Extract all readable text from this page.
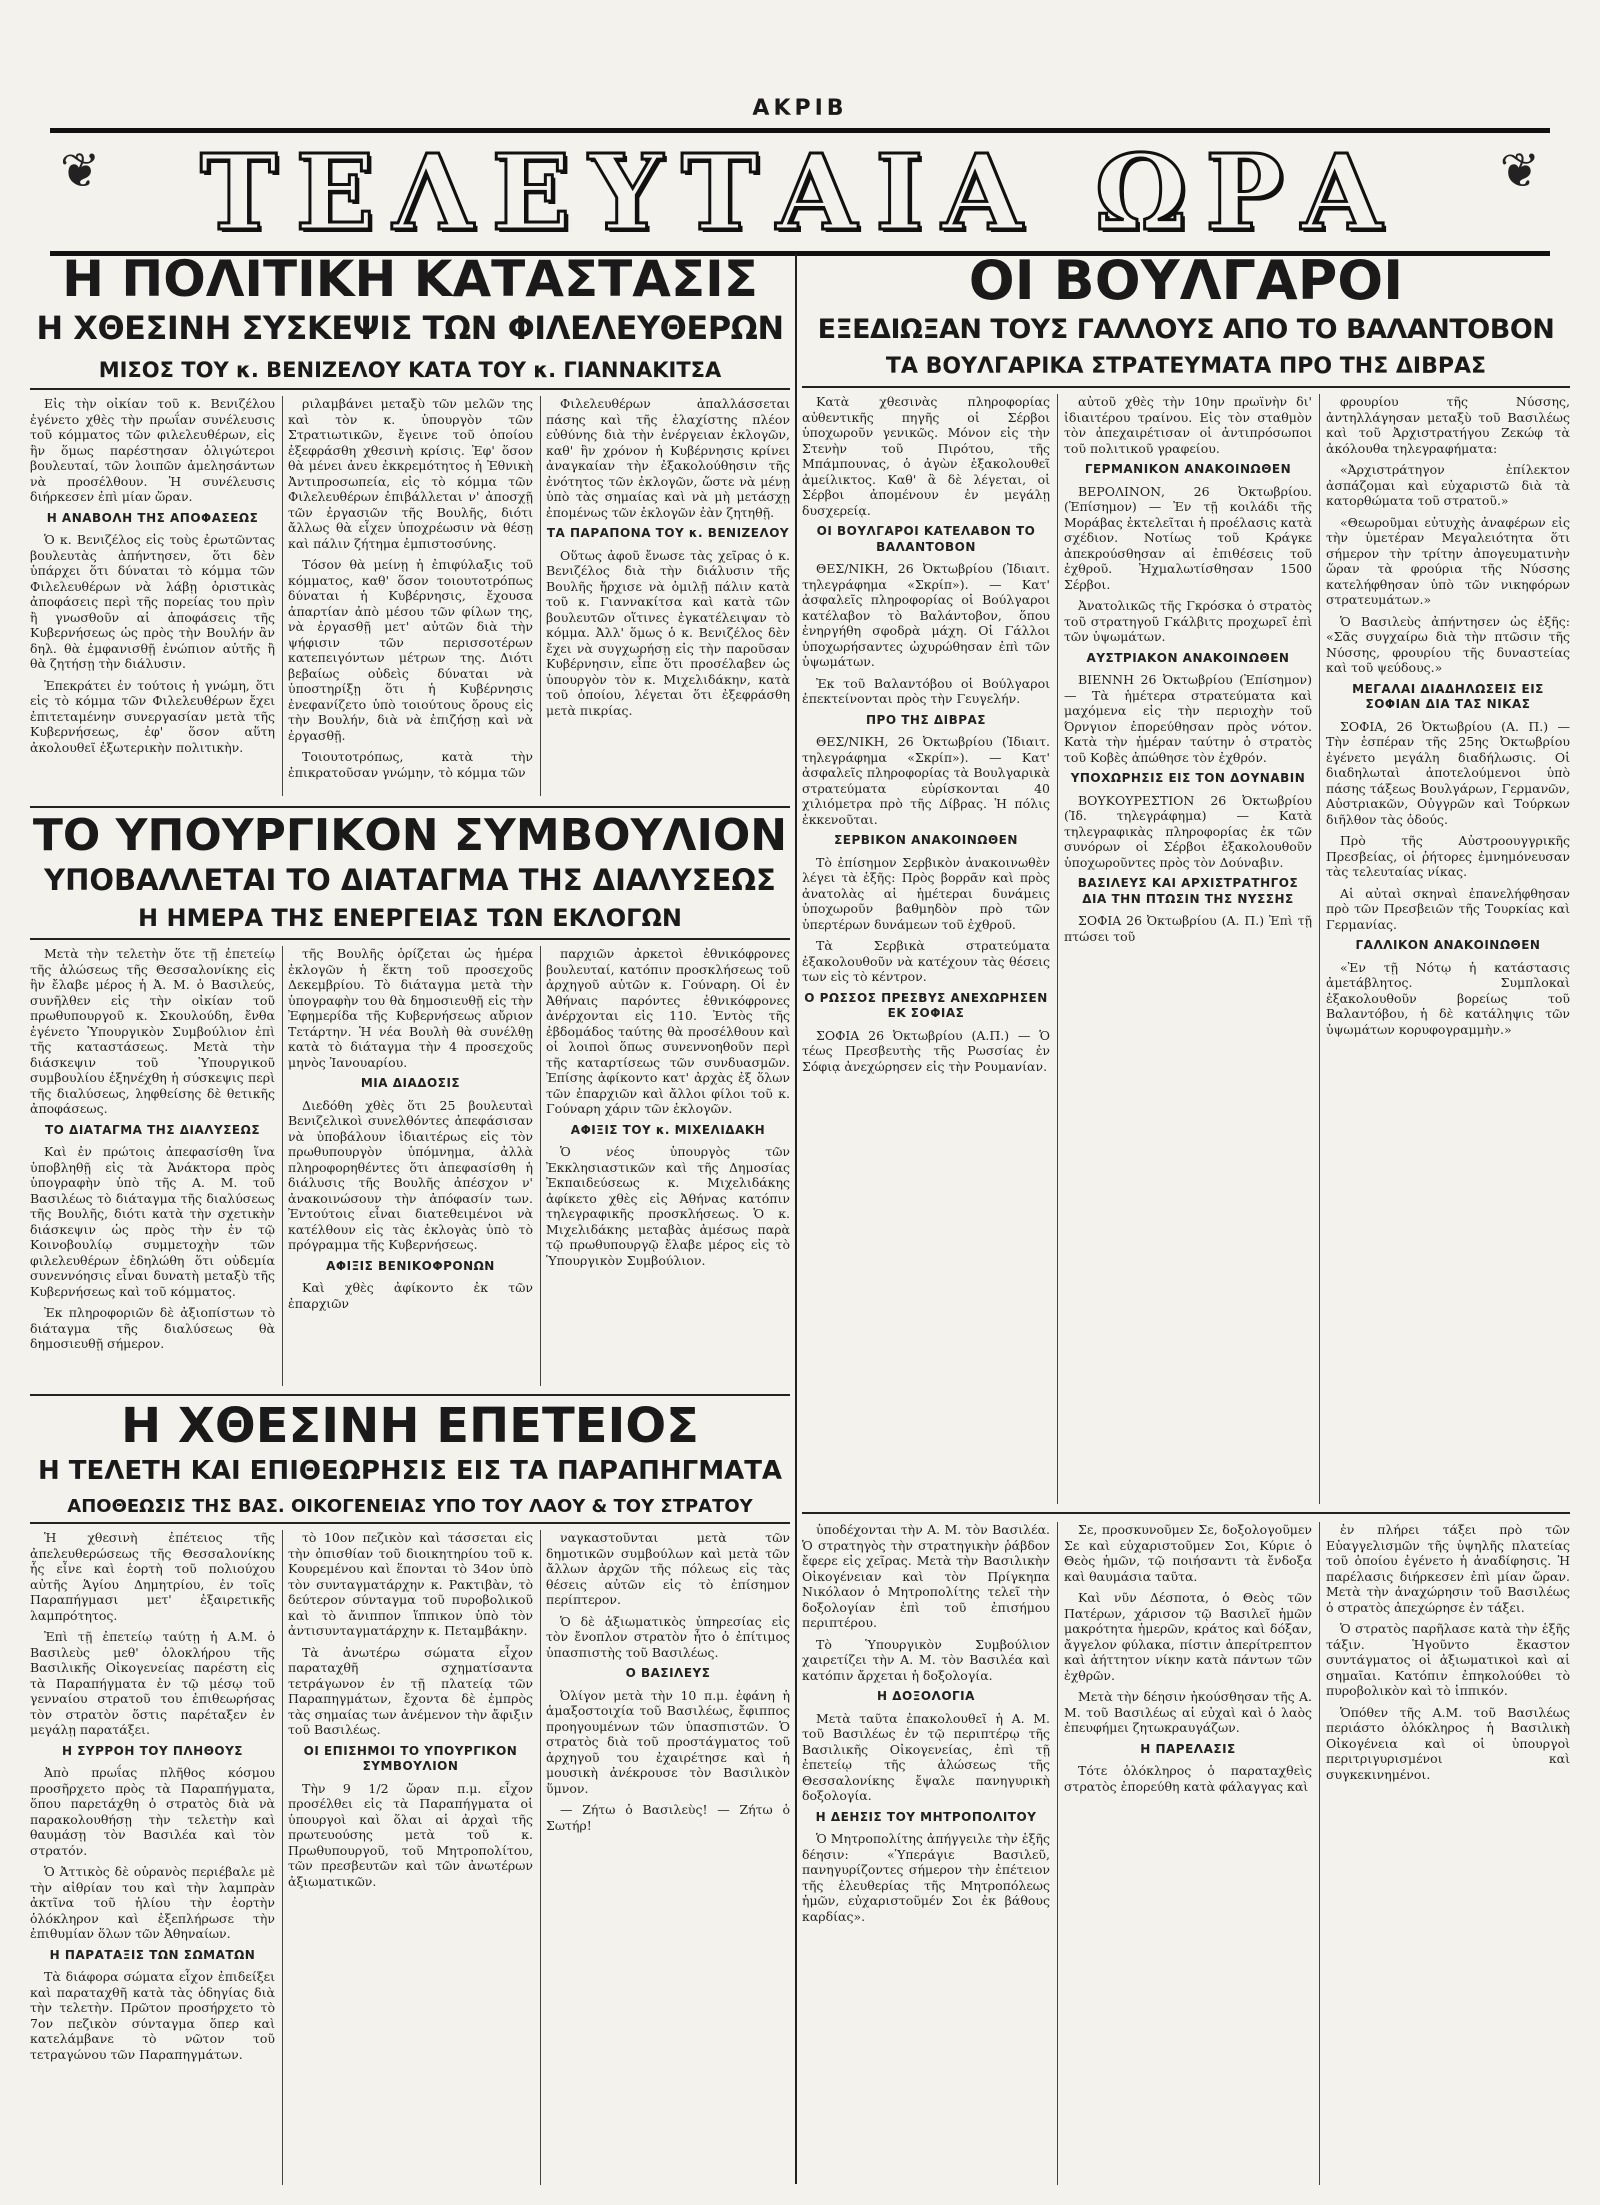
ΑΚΡΙΒ
❦ ΤΕΛΕΥΤΑΙΑ ΩΡΑ ❦
Η ΠΟΛΙΤΙΚΗ ΚΑΤΑΣΤΑΣΙΣ
Η ΧΘΕΣΙΝΗ ΣΥΣΚΕΨΙΣ ΤΩΝ ΦΙΛΕΛΕΥΘΕΡΩΝ
ΜΙΣΟΣ ΤΟΥ κ. ΒΕΝΙΖΕΛΟΥ ΚΑΤΑ ΤΟΥ κ. ΓΙΑΝΝΑΚΙΤΣΑ

Εἰς τὴν οἰκίαν τοῦ κ. Βενιζέλου ἐγένετο χθὲς τὴν πρωΐαν συνέλευσις τοῦ κόμματος τῶν φιλελευθέρων, εἰς ἣν ὅμως παρέστησαν ὀλιγώτεροι βουλευταί, τῶν λοιπῶν ἀμελησάντων νὰ προσέλθουν. Ἡ συνέλευσις διήρκεσεν ἐπὶ μίαν ὥραν.

Η ΑΝΑΒΟΛΗ ΤΗΣ ΑΠΟΦΑΣΕΩΣ

Ὁ κ. Βενιζέλος εἰς τοὺς ἐρωτῶντας βουλευτὰς ἀπήντησεν, ὅτι δὲν ὑπάρχει ὅτι δύναται τὸ κόμμα τῶν Φιλελευθέρων νὰ λάβῃ ὁριστικὰς ἀποφάσεις περὶ τῆς πορείας του πρὶν ἢ γνωσθοῦν αἱ ἀποφάσεις τῆς Κυβερνήσεως ὡς πρὸς τὴν Βουλήν ἂν δηλ. θὰ ἐμφανισθῇ ἐνώπιον αὐτῆς ἢ θὰ ζητήσῃ τὴν διάλυσιν.

Ἐπεκράτει ἐν τούτοις ἡ γνώμη, ὅτι εἰς τὸ κόμμα τῶν Φιλελευθέρων ἔχει ἐπιτεταμένην συνεργασίαν μετὰ τῆς Κυβερνήσεως, ἐφ' ὅσον αὕτη ἀκολουθεῖ ἐξωτερικὴν πολιτικὴν.

ριλαμβάνει μεταξὺ τῶν μελῶν της καὶ τὸν κ. ὑπουργὸν τῶν Στρατιωτικῶν, ἔγεινε τοῦ ὁποίου ἐξεφράσθη χθεσινὴ κρίσις. Ἐφ' ὅσον θὰ μένει ἀνευ ἐκκρεμότητος ἡ Ἐθνικὴ Ἀντιπροσωπεία, εἰς τὸ κόμμα τῶν Φιλελευθέρων ἐπιβάλλεται ν' ἀποσχῇ τῶν ἐργασιῶν τῆς Βουλῆς, διότι ἄλλως θὰ εἶχεν ὑποχρέωσιν νὰ θέσῃ καὶ πάλιν ζήτημα ἐμπιστοσύνης.

Τόσον θὰ μείνῃ ἡ ἐπιφύλαξις τοῦ κόμματος, καθ' ὅσον τοιουτοτρόπως δύναται ἡ Κυβέρνησις, ἔχουσα ἀπαρτίαν ἀπὸ μέσου τῶν φίλων της, νὰ ἐργασθῇ μετ' αὐτῶν διὰ τὴν ψήφισιν τῶν περισσοτέρων κατεπειγόντων μέτρων της. Διότι βεβαίως οὐδεὶς δύναται νὰ ὑποστηρίξῃ ὅτι ἡ Κυβέρνησις ἐνεφανίζετο ὑπὸ τοιούτους ὅρους εἰς τὴν Βουλήν, διὰ νὰ ἐπιζήσῃ καὶ νὰ ἐργασθῇ.

Τοιουτοτρόπως, κατὰ τὴν ἐπικρατοῦσαν γνώμην, τὸ κόμμα τῶν

Φιλελευθέρων ἀπαλλάσσεται πάσης καὶ τῆς ἐλαχίστης πλέον εὐθύνης διὰ τὴν ἐνέργειαν ἐκλογῶν, καθ' ἣν χρόνον ἡ Κυβέρνησις κρίνει ἀναγκαίαν τὴν ἐξακολούθησιν τῆς ἐνότητος τῶν ἐκλογῶν, ὥστε νὰ μένῃ ὑπὸ τὰς σημαίας καὶ νὰ μὴ μετάσχῃ ἐπομένως τῶν ἐκλογῶν ἐὰν ζητηθῇ.

ΤΑ ΠΑΡΑΠΟΝΑ ΤΟΥ κ. ΒΕΝΙΖΕΛΟΥ

Οὕτως ἀφοῦ ἔνωσε τὰς χεῖρας ὁ κ. Βενιζέλος διὰ τὴν διάλυσιν τῆς Βουλῆς ἤρχισε νὰ ὁμιλῇ πάλιν κατὰ τοῦ κ. Γιαννακίτσα καὶ κατὰ τῶν βουλευτῶν οἵτινες ἐγκατέλειψαν τὸ κόμμα. Ἀλλ' ὅμως ὁ κ. Βενιζέλος δὲν ἔχει νὰ συγχωρήσῃ εἰς τὴν παροῦσαν Κυβέρνησιν, εἶπε ὅτι προσέλαβεν ὡς ὑπουργὸν τὸν κ. Μιχελιδάκην, κατὰ τοῦ ὁποίου, λέγεται ὅτι ἐξεφράσθη μετὰ πικρίας.

ΤΟ ΥΠΟΥΡΓΙΚΟΝ ΣΥΜΒΟΥΛΙΟΝ
ΥΠΟΒΑΛΛΕΤΑΙ ΤΟ ΔΙΑΤΑΓΜΑ ΤΗΣ ΔΙΑΛΥΣΕΩΣ
Η ΗΜΕΡΑ ΤΗΣ ΕΝΕΡΓΕΙΑΣ ΤΩΝ ΕΚΛΟΓΩΝ

Μετὰ τὴν τελετὴν ὅτε τῇ ἐπετείῳ τῆς ἁλώσεως τῆς Θεσσαλονίκης εἰς ἣν ἔλαβε μέρος ἡ Ἀ. Μ. ὁ Βασιλεύς, συνῆλθεν εἰς τὴν οἰκίαν τοῦ πρωθυπουργοῦ κ. Σκουλούδη, ἔνθα ἐγένετο Ὑπουργικὸν Συμβούλιον ἐπὶ τῆς καταστάσεως. Μετὰ τὴν διάσκεψιν τοῦ Ὑπουργικοῦ συμβουλίου ἐξηνέχθη ἡ σύσκεψις περὶ τῆς διαλύσεως, ληφθείσης δὲ θετικῆς ἀποφάσεως.

ΤΟ ΔΙΑΤΑΓΜΑ ΤΗΣ ΔΙΑΛΥΣΕΩΣ

Καὶ ἐν πρώτοις ἀπεφασίσθη ἵνα ὑποβληθῇ εἰς τὰ Ἀνάκτορα πρὸς ὑπογραφὴν ὑπὸ τῆς Α. Μ. τοῦ Βασιλέως τὸ διάταγμα τῆς διαλύσεως τῆς Βουλῆς, διότι κατὰ τὴν σχετικὴν διάσκεψιν ὡς πρὸς τὴν ἐν τῷ Κοινοβουλίῳ συμμετοχὴν τῶν φιλελευθέρων ἐδηλώθη ὅτι οὐδεμία συνεννόησις εἶναι δυνατὴ μεταξὺ τῆς Κυβερνήσεως καὶ τοῦ κόμματος.

Ἐκ πληροφοριῶν δὲ ἀξιοπίστων τὸ διάταγμα τῆς διαλύσεως θὰ δημοσιευθῇ σήμερον.

τῆς Βουλῆς ὁρίζεται ὡς ἡμέρα ἐκλογῶν ἡ ἕκτη τοῦ προσεχοῦς Δεκεμβρίου. Τὸ διάταγμα μετὰ τὴν ὑπογραφὴν του θὰ δημοσιευθῇ εἰς τὴν Ἐφημερίδα τῆς Κυβερνήσεως αὔριον Τετάρτην. Ἡ νέα Βουλὴ θὰ συνέλθῃ κατὰ τὸ διάταγμα τὴν 4 προσεχοῦς μηνὸς Ἰανουαρίου.

ΜΙΑ ΔΙΑΔΟΣΙΣ

Διεδόθη χθὲς ὅτι 25 βουλευταὶ Βενιζελικοὶ συνελθόντες ἀπεφάσισαν νὰ ὑποβάλουν ἰδιαιτέρως εἰς τὸν πρωθυπουργὸν ὑπόμνημα, ἀλλὰ πληροφορηθέντες ὅτι ἀπεφασίσθη ἡ διάλυσις τῆς Βουλῆς ἀπέσχον ν' ἀνακοινώσουν τὴν ἀπόφασίν των. Ἐντούτοις εἶναι διατεθειμένοι νὰ κατέλθουν εἰς τὰς ἐκλογὰς ὑπὸ τὸ πρόγραμμα τῆς Κυβερνήσεως.

ΑΦΙΞΙΣ ΒΕΝΙΚΟΦΡΟΝΩΝ

Καὶ χθὲς ἀφίκοντο ἐκ τῶν ἐπαρχιῶν

παρχιῶν ἀρκετοὶ ἐθνικόφρονες βουλευταί, κατόπιν προσκλήσεως τοῦ ἀρχηγοῦ αὐτῶν κ. Γούναρη. Οἱ ἐν Ἀθήναις παρόντες ἐθνικόφρονες ἀνέρχονται εἰς 110. Ἐντὸς τῆς ἑβδομάδος ταύτης θὰ προσέλθουν καὶ οἱ λοιποὶ ὅπως συνεννοηθοῦν περὶ τῆς καταρτίσεως τῶν συνδυασμῶν. Ἐπίσης ἀφίκοντο κατ' ἀρχὰς ἐξ ὅλων τῶν ἐπαρχιῶν καὶ ἄλλοι φίλοι τοῦ κ. Γούναρη χάριν τῶν ἐκλογῶν.

ΑΦΙΞΙΣ ΤΟΥ κ. ΜΙΧΕΛΙΔΑΚΗ

Ὁ νέος ὑπουργὸς τῶν Ἐκκλησιαστικῶν καὶ τῆς Δημοσίας Ἐκπαιδεύσεως κ. Μιχελιδάκης ἀφίκετο χθὲς εἰς Ἀθήνας κατόπιν τηλεγραφικῆς προσκλήσεως. Ὁ κ. Μιχελιδάκης μεταβὰς ἀμέσως παρὰ τῷ πρωθυπουργῷ ἔλαβε μέρος εἰς τὸ Ὑπουργικὸν Συμβούλιον.

Η ΧΘΕΣΙΝΗ ΕΠΕΤΕΙΟΣ
Η ΤΕΛΕΤΗ ΚΑΙ ΕΠΙΘΕΩΡΗΣΙΣ ΕΙΣ ΤΑ ΠΑΡΑΠΗΓΜΑΤΑ
ΑΠΟΘΕΩΣΙΣ ΤΗΣ ΒΑΣ. ΟΙΚΟΓΕΝΕΙΑΣ ΥΠΟ ΤΟΥ ΛΑΟΥ & ΤΟΥ ΣΤΡΑΤΟΥ

Ἡ χθεσινὴ ἐπέτειος τῆς ἀπελευθερώσεως τῆς Θεσσαλονίκης ἧς εἶνε καὶ ἑορτὴ τοῦ πολιούχου αὐτῆς Ἁγίου Δημητρίου, ἐν τοῖς Παραπήγμασι μετ' ἐξαιρετικῆς λαμπρότητος.

Ἐπὶ τῇ ἐπετείῳ ταύτῃ ἡ Α.Μ. ὁ Βασιλεὺς μεθ' ὁλοκλήρου τῆς Βασιλικῆς Οἰκογενείας παρέστη εἰς τὰ Παραπήγματα ἐν τῷ μέσῳ τοῦ γενναίου στρατοῦ του ἐπιθεωρήσας τὸν στρατὸν ὅστις παρέταξεν ἐν μεγάλῃ παρατάξει.

Η ΣΥΡΡΟΗ ΤΟΥ ΠΛΗΘΟΥΣ

Ἀπὸ πρωΐας πλῆθος κόσμου προσῆρχετο πρὸς τὰ Παραπήγματα, ὅπου παρετάχθη ὁ στρατὸς διὰ νὰ παρακολουθήσῃ τὴν τελετὴν καὶ θαυμάσῃ τὸν Βασιλέα καὶ τὸν στρατόν.

Ὁ Ἀττικὸς δὲ οὐρανὸς περιέβαλε μὲ τὴν αἰθρίαν του καὶ τὴν λαμπρὰν ἀκτῖνα τοῦ ἡλίου τὴν ἐορτὴν ὁλόκληρον καὶ ἐξεπλήρωσε τὴν ἐπιθυμίαν ὅλων τῶν Ἀθηναίων.

Η ΠΑΡΑΤΑΞΙΣ ΤΩΝ ΣΩΜΑΤΩΝ

Τὰ διάφορα σώματα εἶχον ἐπιδείξει καὶ παραταχθῆ κατὰ τὰς ὁδηγίας διὰ τὴν τελετὴν. Πρῶτον προσήρχετο τὸ 7ον πεζικὸν σύνταγμα ὅπερ καὶ κατελάμβανε τὸ νῶτον τοῦ τετραγώνου τῶν Παραπηγμάτων.

τὸ 10ον πεζικὸν καὶ τάσσεται εἰς τὴν ὀπισθίαν τοῦ διοικητηρίου τοῦ κ. Κουρεμένου καὶ ἕπονται τὸ 34ον ὑπὸ τὸν συνταγματάρχην κ. Ρακτιβὰν, τὸ δεύτερον σύνταγμα τοῦ πυροβολικοῦ καὶ τὸ ἄνιππον ἵππικον ὑπὸ τὸν ἀντισυνταγματάρχην κ. Πεταμβάκην.

Τὰ ἀνωτέρω σώματα εἶχον παραταχθῆ σχηματίσαντα τετράγωνον ἐν τῇ πλατείᾳ τῶν Παραπηγμάτων, ἔχοντα δὲ ἐμπρὸς τὰς σημαίας των ἀνέμενον τὴν ἄφιξιν τοῦ Βασιλέως.

ΟΙ ΕΠΙΣΗΜΟΙ ΤΟ ΥΠΟΥΡΓΙΚΟΝ ΣΥΜΒΟΥΛΙΟΝ

Τὴν 9 1/2 ὥραν π.μ. εἶχον προσέλθει εἰς τὰ Παραπήγματα οἱ ὑπουργοὶ καὶ ὅλαι αἱ ἀρχαὶ τῆς πρωτευούσης μετὰ τοῦ κ. Πρωθυπουργοῦ, τοῦ Μητροπολίτου, τῶν πρεσβευτῶν καὶ τῶν ἀνωτέρων ἀξιωματικῶν.

ναγκαστοῦνται μετὰ τῶν δημοτικῶν συμβούλων καὶ μετὰ τῶν ἄλλων ἀρχῶν τῆς πόλεως εἰς τὰς θέσεις αὐτῶν εἰς τὸ ἐπίσημον περίπτερον.

Ὁ δὲ ἀξιωματικὸς ὑπηρεσίας εἰς τὸν ἔνοπλον στρατὸν ἦτο ὁ ἐπίτιμος ὑπασπιστὴς τοῦ Βασιλέως.

Ο ΒΑΣΙΛΕΥΣ

Ὀλίγον μετὰ τὴν 10 π.μ. ἐφάνη ἡ ἁμαξοστοιχία τοῦ Βασιλέως, ἔφιππος προηγουμένων τῶν ὑπασπιστῶν. Ὁ στρατὸς διὰ τοῦ προστάγματος τοῦ ἀρχηγοῦ του ἐχαιρέτησε καὶ ἡ μουσικὴ ἀνέκρουσε τὸν Βασιλικὸν ὕμνον.

— Ζήτω ὁ Βασιλεὺς! — Ζήτω ὁ Σωτήρ!

ὑποδέχονται τὴν Α. Μ. τὸν Βασιλέα. Ὁ στρατηγὸς τὴν στρατηγικὴν ῥάβδον ἔφερε εἰς χεῖρας. Μετὰ τὴν Βασιλικὴν Οἰκογένειαν καὶ τὸν Πρίγκηπα Νικόλαον ὁ Μητροπολίτης τελεῖ τὴν δοξολογίαν ἐπὶ τοῦ ἐπισήμου περιπτέρου.

Τὸ Ὑπουργικὸν Συμβούλιον χαιρετίζει τὴν Α. Μ. τὸν Βασιλέα καὶ κατόπιν ἄρχεται ἡ δοξολογία.

Η ΔΟΞΟΛΟΓΙΑ

Μετὰ ταῦτα ἐπακολουθεῖ ἡ Α. Μ. τοῦ Βασιλέως ἐν τῷ περιπτέρῳ τῆς Βασιλικῆς Οἰκογενείας, ἐπὶ τῇ ἐπετείῳ τῆς ἁλώσεως τῆς Θεσσαλονίκης ἔψαλε πανηγυρικὴ δοξολογία.

Η ΔΕΗΣΙΣ ΤΟΥ ΜΗΤΡΟΠΟΛΙΤΟΥ

Ὁ Μητροπολίτης ἀπήγγειλε τὴν ἑξῆς δέησιν: «Ὑπεράγιε Βασιλεῦ, πανηγυρίζοντες σήμερον τὴν ἐπέτειον τῆς ἐλευθερίας τῆς Μητροπόλεως ἡμῶν, εὐχαριστοῦμέν Σοι ἐκ βάθους καρδίας».

Σε, προσκυνοῦμεν Σε, δοξολογοῦμεν Σε καὶ εὐχαριστοῦμεν Σοι, Κύριε ὁ Θεὸς ἡμῶν, τῷ ποιήσαντι τὰ ἔνδοξα καὶ θαυμάσια ταῦτα.

Καὶ νῦν Δέσποτα, ὁ Θεὸς τῶν Πατέρων, χάρισον τῷ Βασιλεῖ ἡμῶν μακρότητα ἡμερῶν, κράτος καὶ δόξαν, ἄγγελον φύλακα, πίστιν ἀπερίτρεπτον καὶ ἀήττητον νίκην κατὰ πάντων τῶν ἐχθρῶν.

Μετὰ τὴν δέησιν ἠκούσθησαν τῆς Α. Μ. τοῦ Βασιλέως αἱ εὐχαὶ καὶ ὁ λαὸς ἐπευφήμει ζητωκραυγάζων.

Η ΠΑΡΕΛΑΣΙΣ

Τότε ὁλόκληρος ὁ παραταχθεὶς στρατὸς ἐπορεύθη κατὰ φάλαγγας καὶ

ἐν πλήρει τάξει πρὸ τῶν Εὐαγγελισμῶν τῆς ὑψηλῆς πλατείας τοῦ ὁποίου ἐγένετο ἡ ἀναδίφησις. Ἡ παρέλασις διήρκεσεν ἐπὶ μίαν ὥραν. Μετὰ τὴν ἀναχώρησιν τοῦ Βασιλέως ὁ στρατὸς ἀπεχώρησε ἐν τάξει.

Ὁ στρατὸς παρῆλασε κατὰ τὴν ἑξῆς τάξιν. Ἡγοῦντο ἔκαστον συντάγματος οἱ ἀξιωματικοὶ καὶ αἱ σημαῖαι. Κατόπιν ἐπηκολούθει τὸ πυροβολικὸν καὶ τὸ ἱππικόν.

Ὁπόθεν τῆς Α.Μ. τοῦ Βασιλέως περιάστο ὁλόκληρος ἡ Βασιλικὴ Οἰκογένεια καὶ οἱ ὑπουργοὶ περιτριγυρισμένοι καὶ συγκεκινημένοι.

ΟΙ ΒΟΥΛΓΑΡΟΙ
ΕΞΕΔΙΩΞΑΝ ΤΟΥΣ ΓΑΛΛΟΥΣ ΑΠΟ ΤΟ ΒΑΛΑΝΤΟΒΟΝ
ΤΑ ΒΟΥΛΓΑΡΙΚΑ ΣΤΡΑΤΕΥΜΑΤΑ ΠΡΟ ΤΗΣ ΔΙΒΡΑΣ

Κατὰ χθεσινὰς πληροφορίας αὐθεντικῆς πηγῆς οἱ Σέρβοι ὑποχωροῦν γενικῶς. Μόνον εἰς τὴν Στενὴν τοῦ Πιρότου, τῆς Μπάμπουνας, ὁ ἀγὼν ἐξακολουθεῖ ἀμείλικτος. Καθ' ἃ δὲ λέγεται, οἱ Σέρβοι ἀπομένουν ἐν μεγάλῃ δυσχερείᾳ.

ΟΙ ΒΟΥΛΓΑΡΟΙ ΚΑΤΕΛΑΒΟΝ ΤΟ ΒΑΛΑΝΤΟΒΟΝ

ΘΕΣ/ΝΙΚΗ, 26 Ὀκτωβρίου (Ἰδιαιτ. τηλεγράφημα «Σκρίπ»). — Κατ' ἀσφαλεῖς πληροφορίας οἱ Βούλγαροι κατέλαβον τὸ Βαλάντοβον, ὅπου ἐνηργήθη σφοδρὰ μάχη. Οἱ Γάλλοι ὑποχωρήσαντες ὠχυρώθησαν ἐπὶ τῶν ὑψωμάτων.

Ἐκ τοῦ Βαλαντόβου οἱ Βούλγαροι ἐπεκτείνονται πρὸς τὴν Γευγελήν.

ΠΡΟ ΤΗΣ ΔΙΒΡΑΣ

ΘΕΣ/ΝΙΚΗ, 26 Ὀκτωβρίου (Ἰδιαιτ. τηλεγράφημα «Σκρίπ»). — Κατ' ἀσφαλεῖς πληροφορίας τὰ Βουλγαρικὰ στρατεύματα εὑρίσκονται 40 χιλιόμετρα πρὸ τῆς Δίβρας. Ἡ πόλις ἐκκενοῦται.

ΣΕΡΒΙΚΟΝ ΑΝΑΚΟΙΝΩΘΕΝ

Τὸ ἐπίσημον Σερβικὸν ἀνακοινωθὲν λέγει τὰ ἑξῆς: Πρὸς βορρᾶν καὶ πρὸς ἀνατολὰς αἱ ἡμέτεραι δυνάμεις ὑποχωροῦν βαθμηδὸν πρὸ τῶν ὑπερτέρων δυνάμεων τοῦ ἐχθροῦ.

Τὰ Σερβικὰ στρατεύματα ἐξακολουθοῦν νὰ κατέχουν τὰς θέσεις των εἰς τὸ κέντρον.

Ο ΡΩΣΣΟΣ ΠΡΕΣΒΥΣ ΑΝΕΧΩΡΗΣΕΝ ΕΚ ΣΟΦΙΑΣ

ΣΟΦΙΑ 26 Ὀκτωβρίου (Α.Π.) — Ὁ τέως Πρεσβευτὴς τῆς Ρωσσίας ἐν Σόφιᾳ ἀνεχώρησεν εἰς τὴν Ρουμανίαν.

αὐτοῦ χθὲς τὴν 10ην πρωϊνὴν δι' ἰδιαιτέρου τραίνου. Εἰς τὸν σταθμὸν τὸν ἀπεχαιρέτισαν οἱ ἀντιπρόσωποι τοῦ πολιτικοῦ γραφείου.

ΓΕΡΜΑΝΙΚΟΝ ΑΝΑΚΟΙΝΩΘΕΝ

ΒΕΡΟΛΙΝΟΝ, 26 Ὀκτωβρίου. (Ἐπίσημον) — Ἐν τῇ κοιλάδι τῆς Μοράβας ἐκτελεῖται ἡ προέλασις κατὰ σχέδιον. Νοτίως τοῦ Κράγκε ἀπεκρούσθησαν αἱ ἐπιθέσεις τοῦ ἐχθροῦ. Ἠχμαλωτίσθησαν 1500 Σέρβοι.

Ἀνατολικῶς τῆς Γκρόσκα ὁ στρατὸς τοῦ στρατηγοῦ Γκάλβιτς προχωρεῖ ἐπὶ τῶν ὑψωμάτων.

ΑΥΣΤΡΙΑΚΟΝ ΑΝΑΚΟΙΝΩΘΕΝ

ΒΙΕΝΝΗ 26 Ὀκτωβρίου (Ἐπίσημον) — Τὰ ἡμέτερα στρατεύματα καὶ μαχόμενα εἰς τὴν περιοχὴν τοῦ Όρνγιον ἐπορεύθησαν πρὸς νότον. Κατὰ τὴν ἡμέραν ταύτην ὁ στρατὸς τοῦ Κοβὲς ἀπώθησε τὸν ἐχθρόν.

ΥΠΟΧΩΡΗΣΙΣ ΕΙΣ ΤΟΝ ΔΟΥΝΑΒΙΝ

ΒΟΥΚΟΥΡΕΣΤΙΟΝ 26 Ὀκτωβρίου (Ἰδ. τηλεγράφημα) — Κατὰ τηλεγραφικὰς πληροφορίας ἐκ τῶν συνόρων οἱ Σέρβοι ἐξακολουθοῦν ὑποχωροῦντες πρὸς τὸν Δούναβιν.

ΒΑΣΙΛΕΥΣ ΚΑΙ ΑΡΧΙΣΤΡΑΤΗΓΟΣ ΔΙΑ ΤΗΝ ΠΤΩΣΙΝ ΤΗΣ ΝΥΣΣΗΣ

ΣΟΦΙΑ 26 Ὀκτωβρίου (Α. Π.) Ἐπὶ τῇ πτώσει τοῦ

φρουρίου τῆς Νύσσης, ἀντηλλάγησαν μεταξὺ τοῦ Βασιλέως καὶ τοῦ Ἀρχιστρατήγου Ζεκώφ τὰ ἀκόλουθα τηλεγραφήματα:

«Ἀρχιστράτηγον ἐπίλεκτον ἀσπάζομαι καὶ εὐχαριστῶ διὰ τὰ κατορθώματα τοῦ στρατοῦ.»

«Θεωροῦμαι εὐτυχὴς ἀναφέρων εἰς τὴν ὑμετέραν Μεγαλειότητα ὅτι σήμερον τὴν τρίτην ἀπογευματινὴν ὥραν τὰ φρούρια τῆς Νύσσης κατελήφθησαν ὑπὸ τῶν νικηφόρων στρατευμάτων.»

Ὁ Βασιλεὺς ἀπήντησεν ὡς ἑξῆς: «Σᾶς συγχαίρω διὰ τὴν πτῶσιν τῆς Νύσσης, φρουρίου τῆς δυναστείας καὶ τοῦ ψεύδους.»

ΜΕΓΑΛΑΙ ΔΙΑΔΗΛΩΣΕΙΣ ΕΙΣ ΣΟΦΙΑΝ ΔΙΑ ΤΑΣ ΝΙΚΑΣ

ΣΟΦΙΑ, 26 Ὀκτωβρίου (Α. Π.) — Τὴν ἑσπέραν τῆς 25ης Ὀκτωβρίου ἐγένετο μεγάλη διαδήλωσις. Οἱ διαδηλωταὶ ἀποτελούμενοι ὑπὸ πάσης τάξεως Βουλγάρων, Γερμανῶν, Αὐστριακῶν, Οὐγγρῶν καὶ Τούρκων διῆλθον τὰς ὁδούς.

Πρὸ τῆς Αὐστροουγγρικῆς Πρεσβείας, οἱ ῥήτορες ἐμνημόνευσαν τὰς τελευταίας νίκας.

Αἱ αὐταὶ σκηναὶ ἐπανελήφθησαν πρὸ τῶν Πρεσβειῶν τῆς Τουρκίας καὶ Γερμανίας.

ΓΑΛΛΙΚΟΝ ΑΝΑΚΟΙΝΩΘΕΝ

«Ἐν τῇ Νότῳ ἡ κατάστασις ἀμετάβλητος. Συμπλοκαὶ ἐξακολουθοῦν βορείως τοῦ Βαλαντόβου, ἡ δὲ κατάληψις τῶν ὑψωμάτων κορυφογραμμὴν.»
